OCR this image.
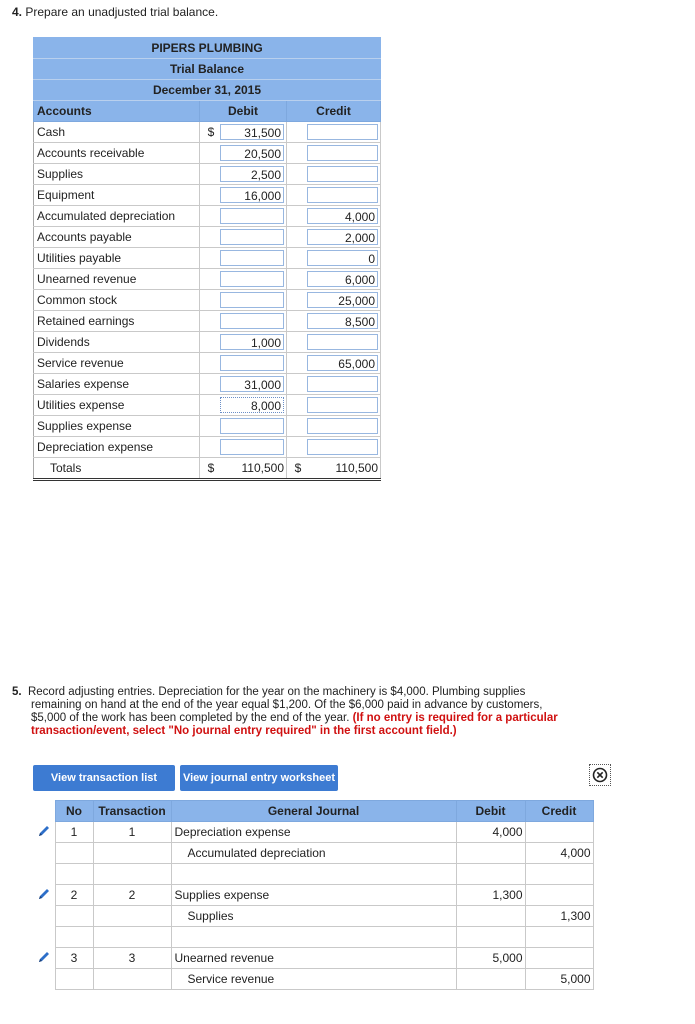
4. Prepare an unadjusted trial balance.
PIPERS PLUMBING		
Trial Balance		
December 31, 2015		
Accounts	Debit	Credit
Cash	$ 31,500	

Accounts receivable	20,500	

Supplies	2,500	

Equipment	16,000	

Accumulated depreciation		4,000

Accounts payable		2,000

Utilities payable		0

Unearned revenue		6,000

Common stock		25,000

Retained earnings		8,500

Dividends	1,000	

Service revenue		65,000

Salaries expense	31,000	

Utilities expense	8,000	

Supplies expense	

Depreciation expense	

Totals	$ 110,500	$ 110,500
5. Record adjusting entries. Depreciation for the year on the machinery is $4,000. Plumbing supplies remaining on hand at the end of the year equal $1,200. Of the $6,000 paid in advance by customers, $5,000 of the work has been completed by the end of the year. (If no entry is required for a particular transaction/event, select "No journal entry required" in the first account field.)
View transaction list	View journal entry worksheet
	No	Transaction	General Journal	Debit	Credit
	1	1	Depreciation expense	4,000	
			Accumulated depreciation		4,000

	2	2	Supplies expense	1,300	
			Supplies		1,300

	3	3	Unearned revenue	5,000	
			Service revenue		5,000
